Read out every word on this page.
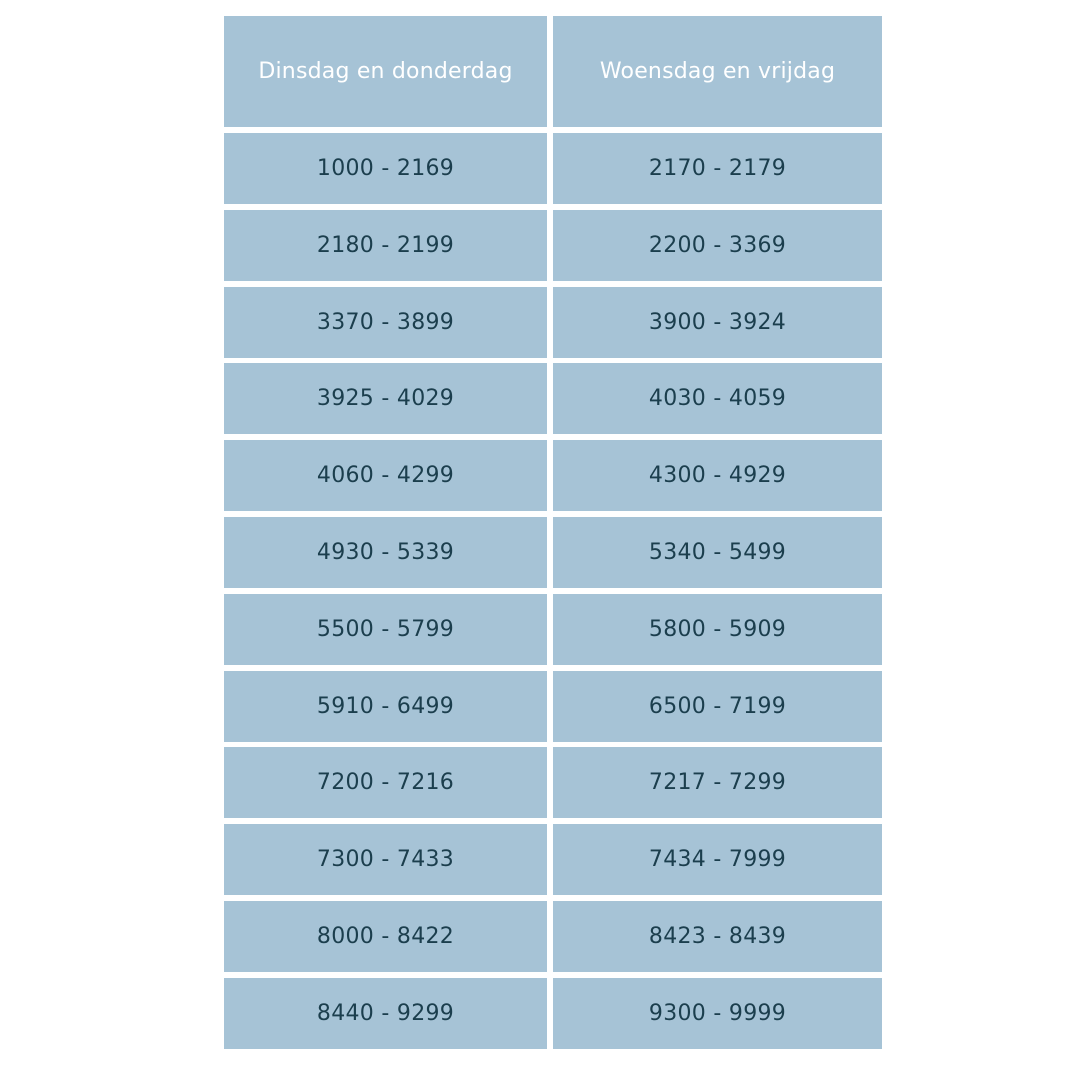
Dinsdag en donderdag	Woensdag en vrijdag
1000 - 2169	2170 - 2179
2180 - 2199	2200 - 3369
3370 - 3899	3900 - 3924
3925 - 4029	4030 - 4059
4060 - 4299	4300 - 4929
4930 - 5339	5340 - 5499
5500 - 5799	5800 - 5909
5910 - 6499	6500 - 7199
7200 - 7216	7217 - 7299
7300 - 7433	7434 - 7999
8000 - 8422	8423 - 8439
8440 - 9299	9300 - 9999
